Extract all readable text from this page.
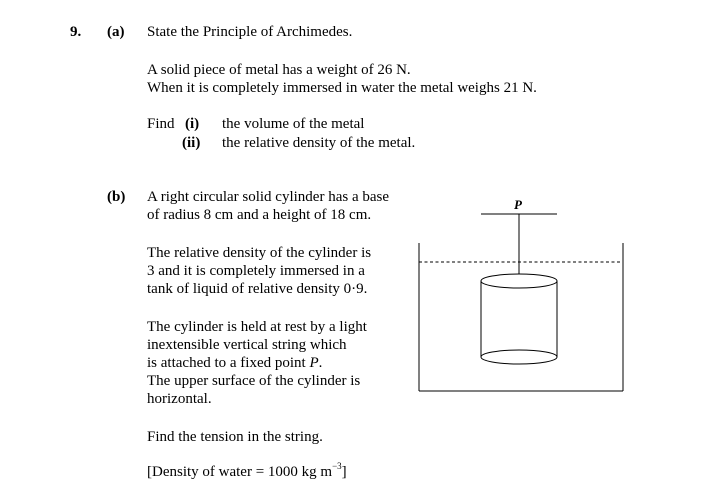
9. (a) State the Principle of Archimedes.
A solid piece of metal has a weight of 26 N.
When it is completely immersed in water the metal weighs 21 N.
Find (i) the volume of the metal
(ii) the relative density of the metal.
(b) A right circular solid cylinder has a base
of radius 8 cm and a height of 18 cm.
The relative density of the cylinder is
3 and it is completely immersed in a
tank of liquid of relative density 0·9.
The cylinder is held at rest by a light
inextensible vertical string which
is attached to a fixed point P.
The upper surface of the cylinder is
horizontal.
Find the tension in the string.
[Density of water = 1000 kg $m^{-3}$]
P
